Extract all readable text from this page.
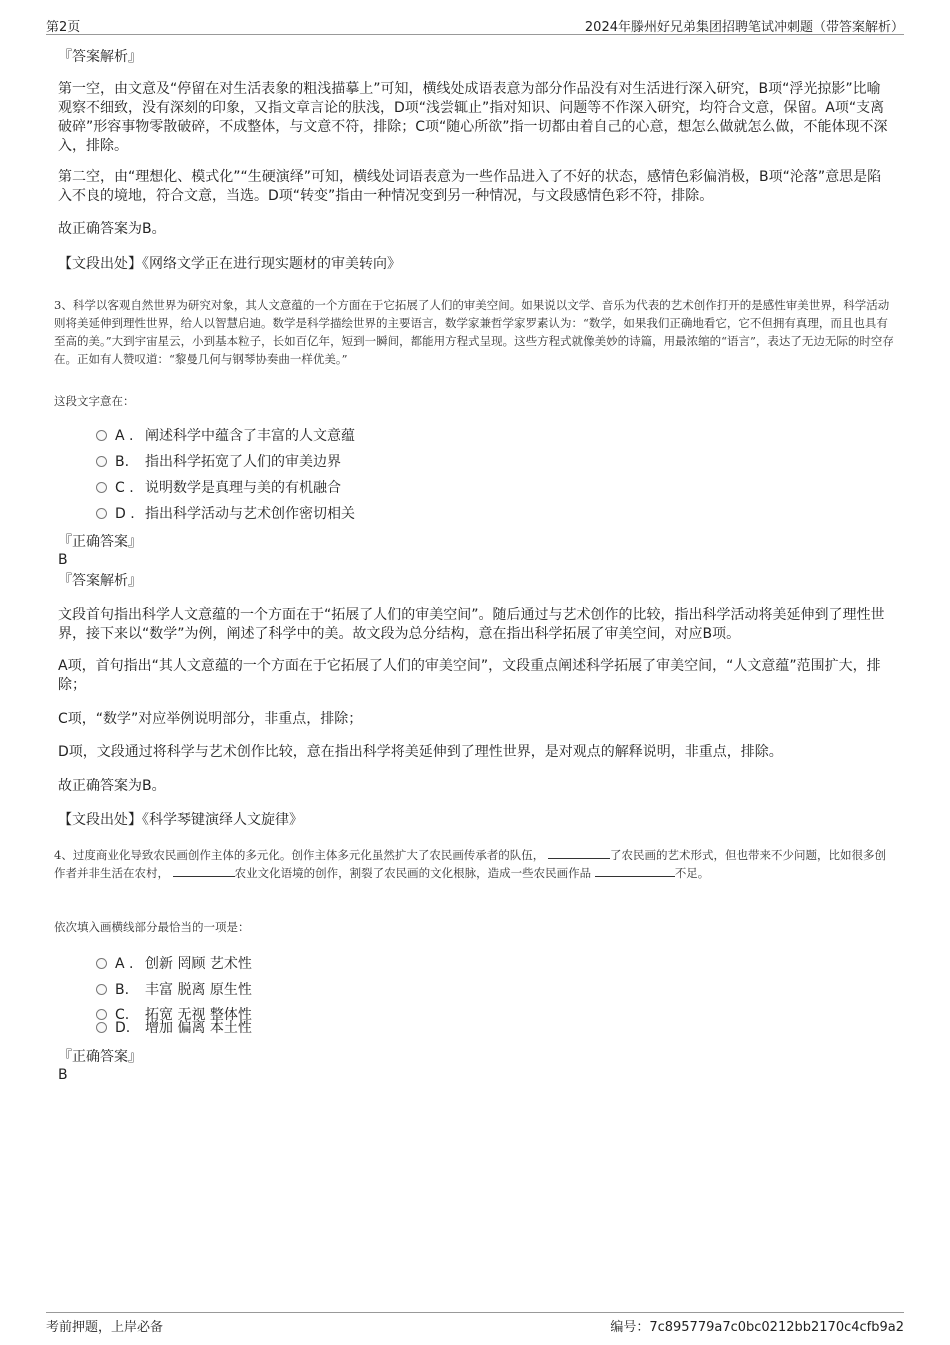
第2页	2024年滕州好兄弟集团招聘笔试冲刺题（带答案解析）
『答案解析』

第一空，由文意及“停留在对生活表象的粗浅描摹上”可知，横线处成语表意为部分作品没有对生活进行深入研究，B项“浮光掠影”比喻观察不细致，没有深刻的印象，又指文章言论的肤浅，D项“浅尝辄止”指对知识、问题等不作深入研究，均符合文意，保留。A项“支离破碎”形容事物零散破碎，不成整体，与文意不符，排除；C项“随心所欲”指一切都由着自己的心意，想怎么做就怎么做，不能体现不深入，排除。

第二空，由“理想化、模式化”“生硬演绎”可知，横线处词语表意为一些作品进入了不好的状态，感情色彩偏消极，B项“沦落”意思是陷入不良的境地，符合文意，当选。D项“转变”指由一种情况变到另一种情况，与文段感情色彩不符，排除。

故正确答案为B。

【文段出处】《网络文学正在进行现实题材的审美转向》

3、科学以客观自然世界为研究对象，其人文意蕴的一个方面在于它拓展了人们的审美空间。如果说以文学、音乐为代表的艺术创作打开的是感性审美世界，科学活动则将美延伸到理性世界，给人以智慧启迪。数学是科学描绘世界的主要语言，数学家兼哲学家罗素认为：“数学，如果我们正确地看它，它不但拥有真理，而且也具有至高的美。”大到宇宙星云，小到基本粒子，长如百亿年，短到一瞬间，都能用方程式呈现。这些方程式就像美妙的诗篇，用最浓缩的“语言”，表达了无边无际的时空存在。正如有人赞叹道：“黎曼几何与钢琴协奏曲一样优美。”

这段文字意在：

A . 阐述科学中蕴含了丰富的人文意蕴
B. 指出科学拓宽了人们的审美边界
C . 说明数学是真理与美的有机融合
D . 指出科学活动与艺术创作密切相关
『正确答案』
B
『答案解析』

文段首句指出科学人文意蕴的一个方面在于“拓展了人们的审美空间”。随后通过与艺术创作的比较，指出科学活动将美延伸到了理性世界，接下来以“数学”为例，阐述了科学中的美。故文段为总分结构，意在指出科学拓展了审美空间，对应B项。

A项，首句指出“其人文意蕴的一个方面在于它拓展了人们的审美空间”，文段重点阐述科学拓展了审美空间，“人文意蕴”范围扩大，排除；

C项，“数学”对应举例说明部分，非重点，排除；

D项，文段通过将科学与艺术创作比较，意在指出科学将美延伸到了理性世界，是对观点的解释说明，非重点，排除。

故正确答案为B。

【文段出处】《科学琴键演绎人文旋律》

4、过度商业化导致农民画创作主体的多元化。创作主体多元化虽然扩大了农民画传承者的队伍，	了农民画的艺术形式，但也带来不少问题，比如很多创作者并非生活在农村，	农业文化语境的创作，割裂了农民画的文化根脉，造成一些农民画作品	不足。

依次填入画横线部分最恰当的一项是：

A . 创新 罔顾 艺术性
B. 丰富 脱离 原生性
C. 拓宽 无视 整体性
D. 增加 偏离 本土性
『正确答案』
B
考前押题，上岸必备	编号：7c895779a7c0bc0212bb2170c4cfb9a2
